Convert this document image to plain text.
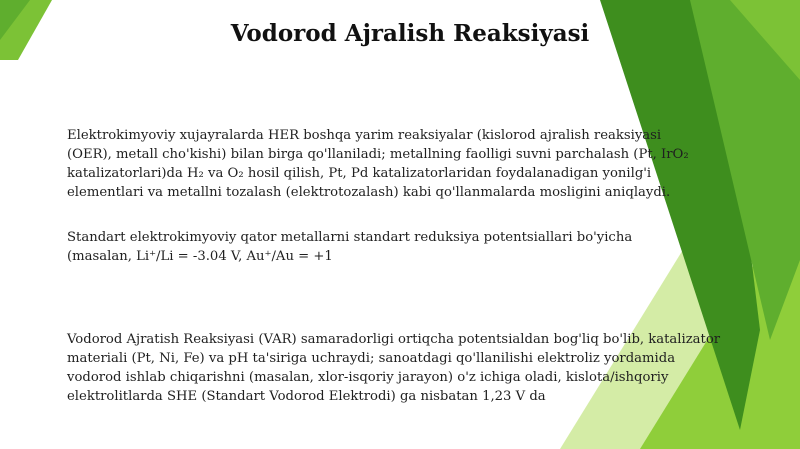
Vodorod Ajralish Reaksiyasi
Elektrokimyoviy xujayralarda HER boshqa yarim reaksiyalar (kislorod ajralish reaksiyasi
(OER), metall cho'kishi) bilan birga qo'llaniladi; metallning faolligi suvni parchalash (Pt, IrO₂
katalizatorlari)da H₂ va O₂ hosil qilish, Pt, Pd katalizatorlaridan foydalanadigan yonilg'i
elementlari va metallni tozalash (elektrotozalash) kabi qo'llanmalarda mosligini aniqlaydi.
Standart elektrokimyoviy qator metallarni standart reduksiya potentsiallari bo'yicha
(masalan, Li⁺/Li = -3.04 V, Au⁺/Au = +1
Vodorod Ajratish Reaksiyasi (VAR) samaradorligi ortiqcha potentsialdan bog'liq bo'lib, katalizator
materiali (Pt, Ni, Fe) va pH ta'siriga uchraydi; sanoatdagi qo'llanilishi elektroliz yordamida
vodorod ishlab chiqarishni (masalan, xlor-isqoriy jarayon) o'z ichiga oladi, kislota/ishqoriy
elektrolitlarda SHE (Standart Vodorod Elektrodi) ga nisbatan 1,23 V da
